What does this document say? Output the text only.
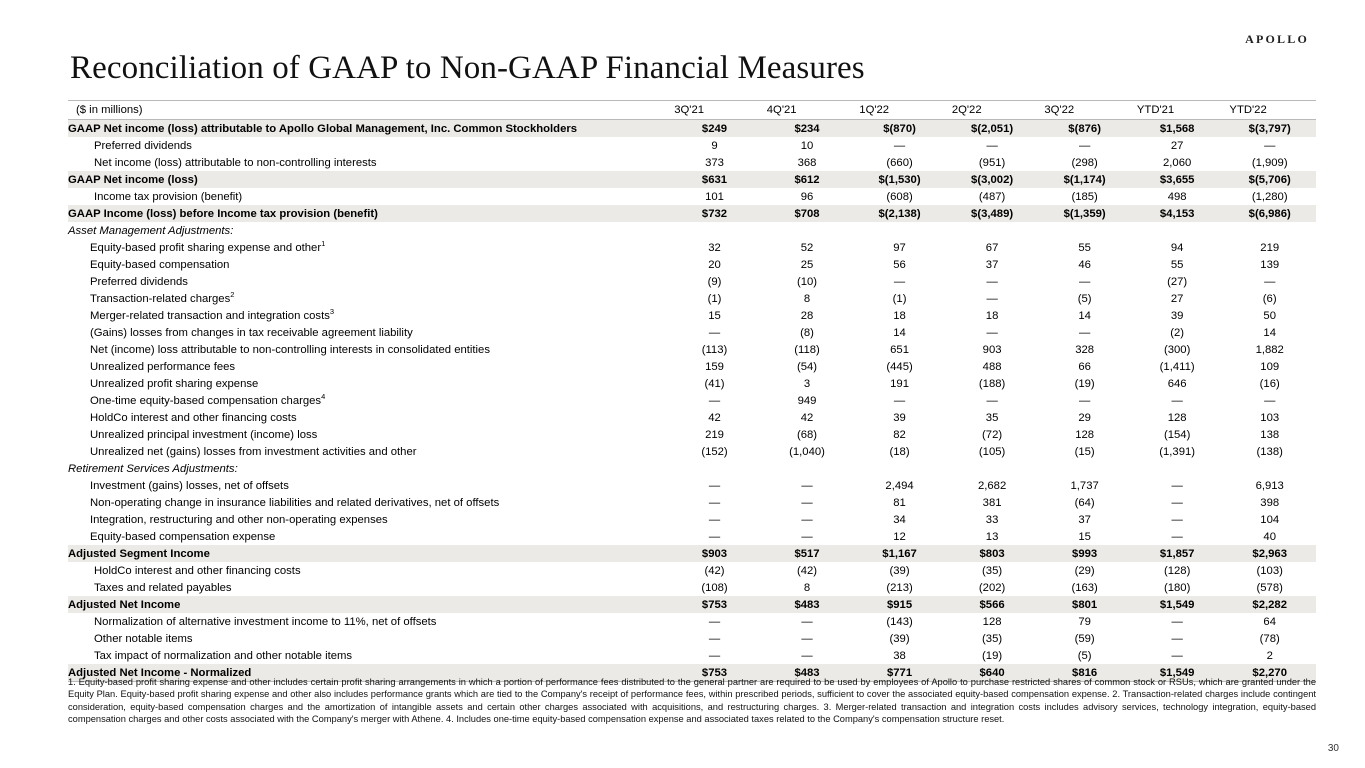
APOLLO
Reconciliation of GAAP to Non-GAAP Financial Measures
($ in millions)	3Q'21	4Q'21	1Q'22	2Q'22	3Q'22	YTD'21	YTD'22
GAAP Net income (loss) attributable to Apollo Global Management, Inc. Common Stockholders	$249	$234	$(870)	$(2,051)	$(876)	$1,568	$(3,797)
Preferred dividends	9	10	—	—	—	27	—
Net income (loss) attributable to non-controlling interests	373	368	(660)	(951)	(298)	2,060	(1,909)
GAAP Net income (loss)	$631	$612	$(1,530)	$(3,002)	$(1,174)	$3,655	$(5,706)
Income tax provision (benefit)	101	96	(608)	(487)	(185)	498	(1,280)
GAAP Income (loss) before Income tax provision (benefit)	$732	$708	$(2,138)	$(3,489)	$(1,359)	$4,153	$(6,986)
Asset Management Adjustments:							
Equity-based profit sharing expense and other$^1$	32	52	97	67	55	94	219
Equity-based compensation	20	25	56	37	46	55	139
Preferred dividends	(9)	(10)	—	—	—	(27)	—
Transaction-related charges$^2$	(1)	8	(1)	—	(5)	27	(6)
Merger-related transaction and integration costs$^3$	15	28	18	18	14	39	50
(Gains) losses from changes in tax receivable agreement liability	—	(8)	14	—	—	(2)	14
Net (income) loss attributable to non-controlling interests in consolidated entities	(113)	(118)	651	903	328	(300)	1,882
Unrealized performance fees	159	(54)	(445)	488	66	(1,411)	109
Unrealized profit sharing expense	(41)	3	191	(188)	(19)	646	(16)
One-time equity-based compensation charges$^4$	—	949	—	—	—	—	—
HoldCo interest and other financing costs	42	42	39	35	29	128	103
Unrealized principal investment (income) loss	219	(68)	82	(72)	128	(154)	138
Unrealized net (gains) losses from investment activities and other	(152)	(1,040)	(18)	(105)	(15)	(1,391)	(138)
Retirement Services Adjustments:							
Investment (gains) losses, net of offsets	—	—	2,494	2,682	1,737	—	6,913
Non-operating change in insurance liabilities and related derivatives, net of offsets	—	—	81	381	(64)	—	398
Integration, restructuring and other non-operating expenses	—	—	34	33	37	—	104
Equity-based compensation expense	—	—	12	13	15	—	40
Adjusted Segment Income	$903	$517	$1,167	$803	$993	$1,857	$2,963
HoldCo interest and other financing costs	(42)	(42)	(39)	(35)	(29)	(128)	(103)
Taxes and related payables	(108)	8	(213)	(202)	(163)	(180)	(578)
Adjusted Net Income	$753	$483	$915	$566	$801	$1,549	$2,282
Normalization of alternative investment income to 11%, net of offsets	—	—	(143)	128	79	—	64
Other notable items	—	—	(39)	(35)	(59)	—	(78)
Tax impact of normalization and other notable items	—	—	38	(19)	(5)	—	2
Adjusted Net Income - Normalized	$753	$483	$771	$640	$816	$1,549	$2,270
1. Equity-based profit sharing expense and other includes certain profit sharing arrangements in which a portion of performance fees distributed to the general partner are required to be used by employees of Apollo to purchase restricted shares of common stock or RSUs, which are granted under the Equity Plan. Equity-based profit sharing expense and other also includes performance grants which are tied to the Company's receipt of performance fees, within prescribed periods, sufficient to cover the associated equity-based compensation expense. 2. Transaction-related charges include contingent consideration, equity-based compensation charges and the amortization of intangible assets and certain other charges associated with acquisitions, and restructuring charges. 3. Merger-related transaction and integration costs includes advisory services, technology integration, equity-based compensation charges and other costs associated with the Company's merger with Athene. 4. Includes one-time equity-based compensation expense and associated taxes related to the Company's compensation structure reset.
30
